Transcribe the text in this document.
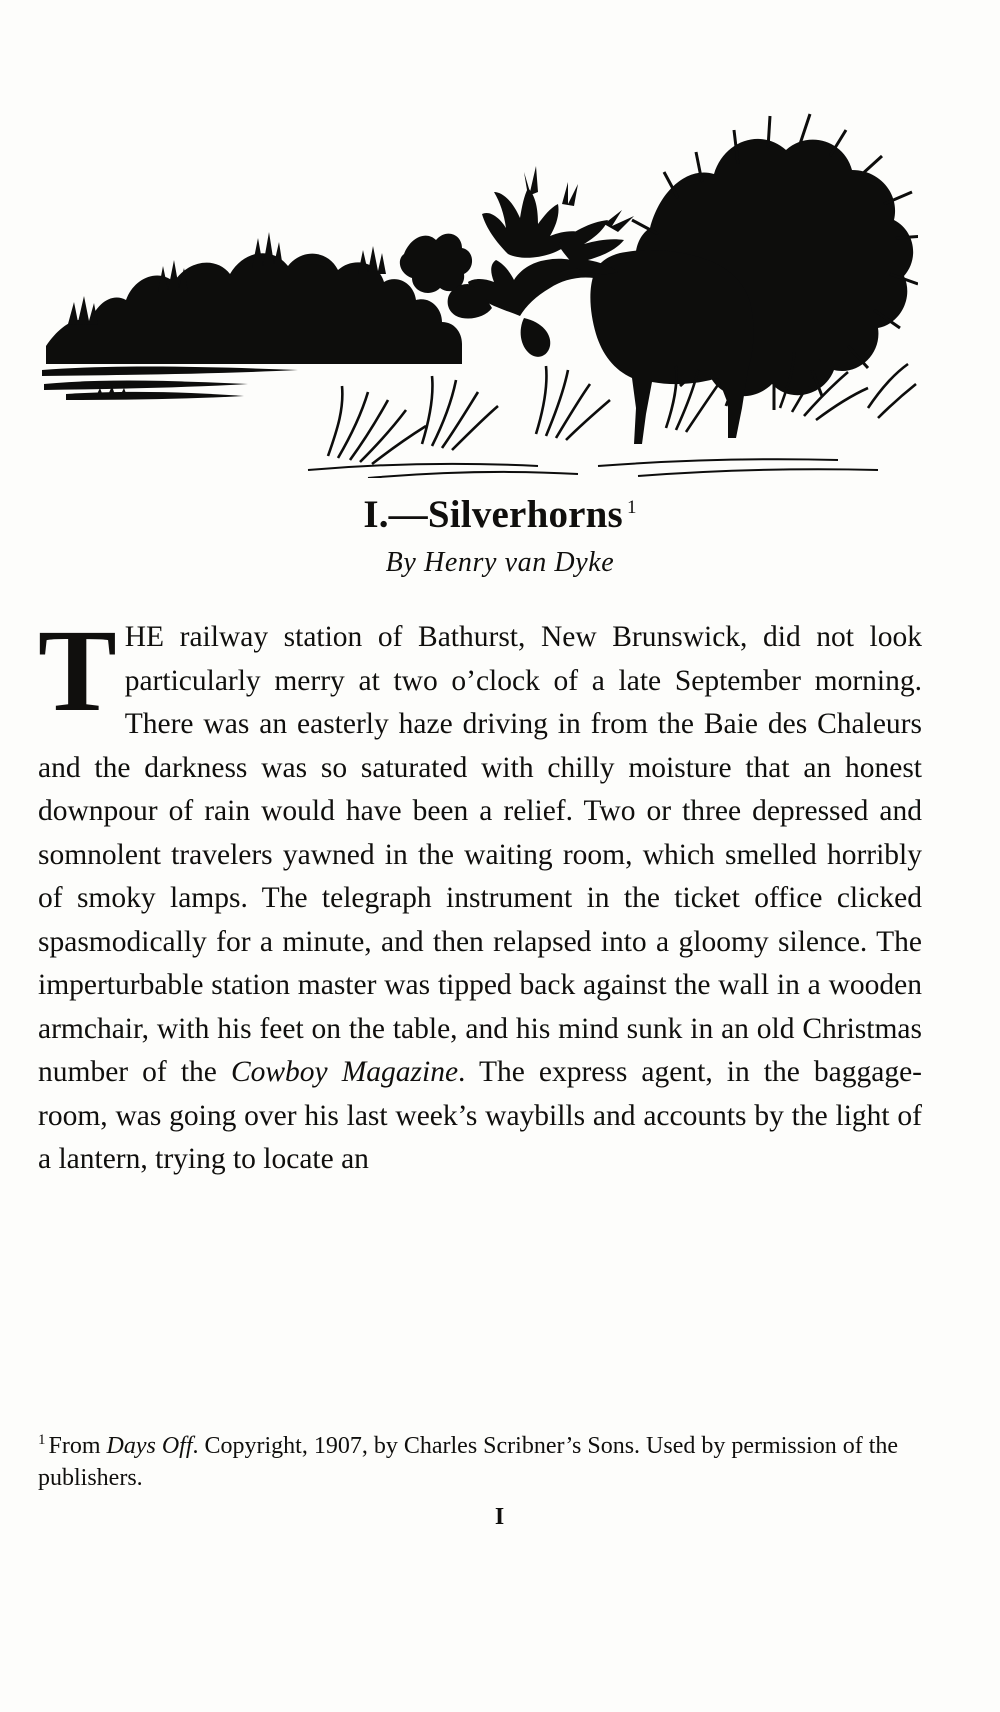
I.—Silverhorns $^1$
By Henry van Dyke

THE railway station of Bathurst, New Brunswick, did not look particularly merry at two o’clock of a late September morning. There was an easterly haze driving in from the Baie des Chaleurs and the darkness was so saturated with chilly moisture that an honest downpour of rain would have been a relief. Two or three depressed and somnolent travelers yawned in the waiting room, which smelled horribly of smoky lamps. The telegraph instrument in the ticket office clicked spasmodically for a minute, and then relapsed into a gloomy silence. The imperturbable station master was tipped back against the wall in a wooden armchair, with his feet on the table, and his mind sunk in an old Christmas number of the Cowboy Magazine. The express agent, in the baggage-room, was going over his last week’s waybills and accounts by the light of a lantern, trying to locate an

$^1$ From Days Off. Copyright, 1907, by Charles Scribner’s Sons. Used by permission of the publishers.
I
